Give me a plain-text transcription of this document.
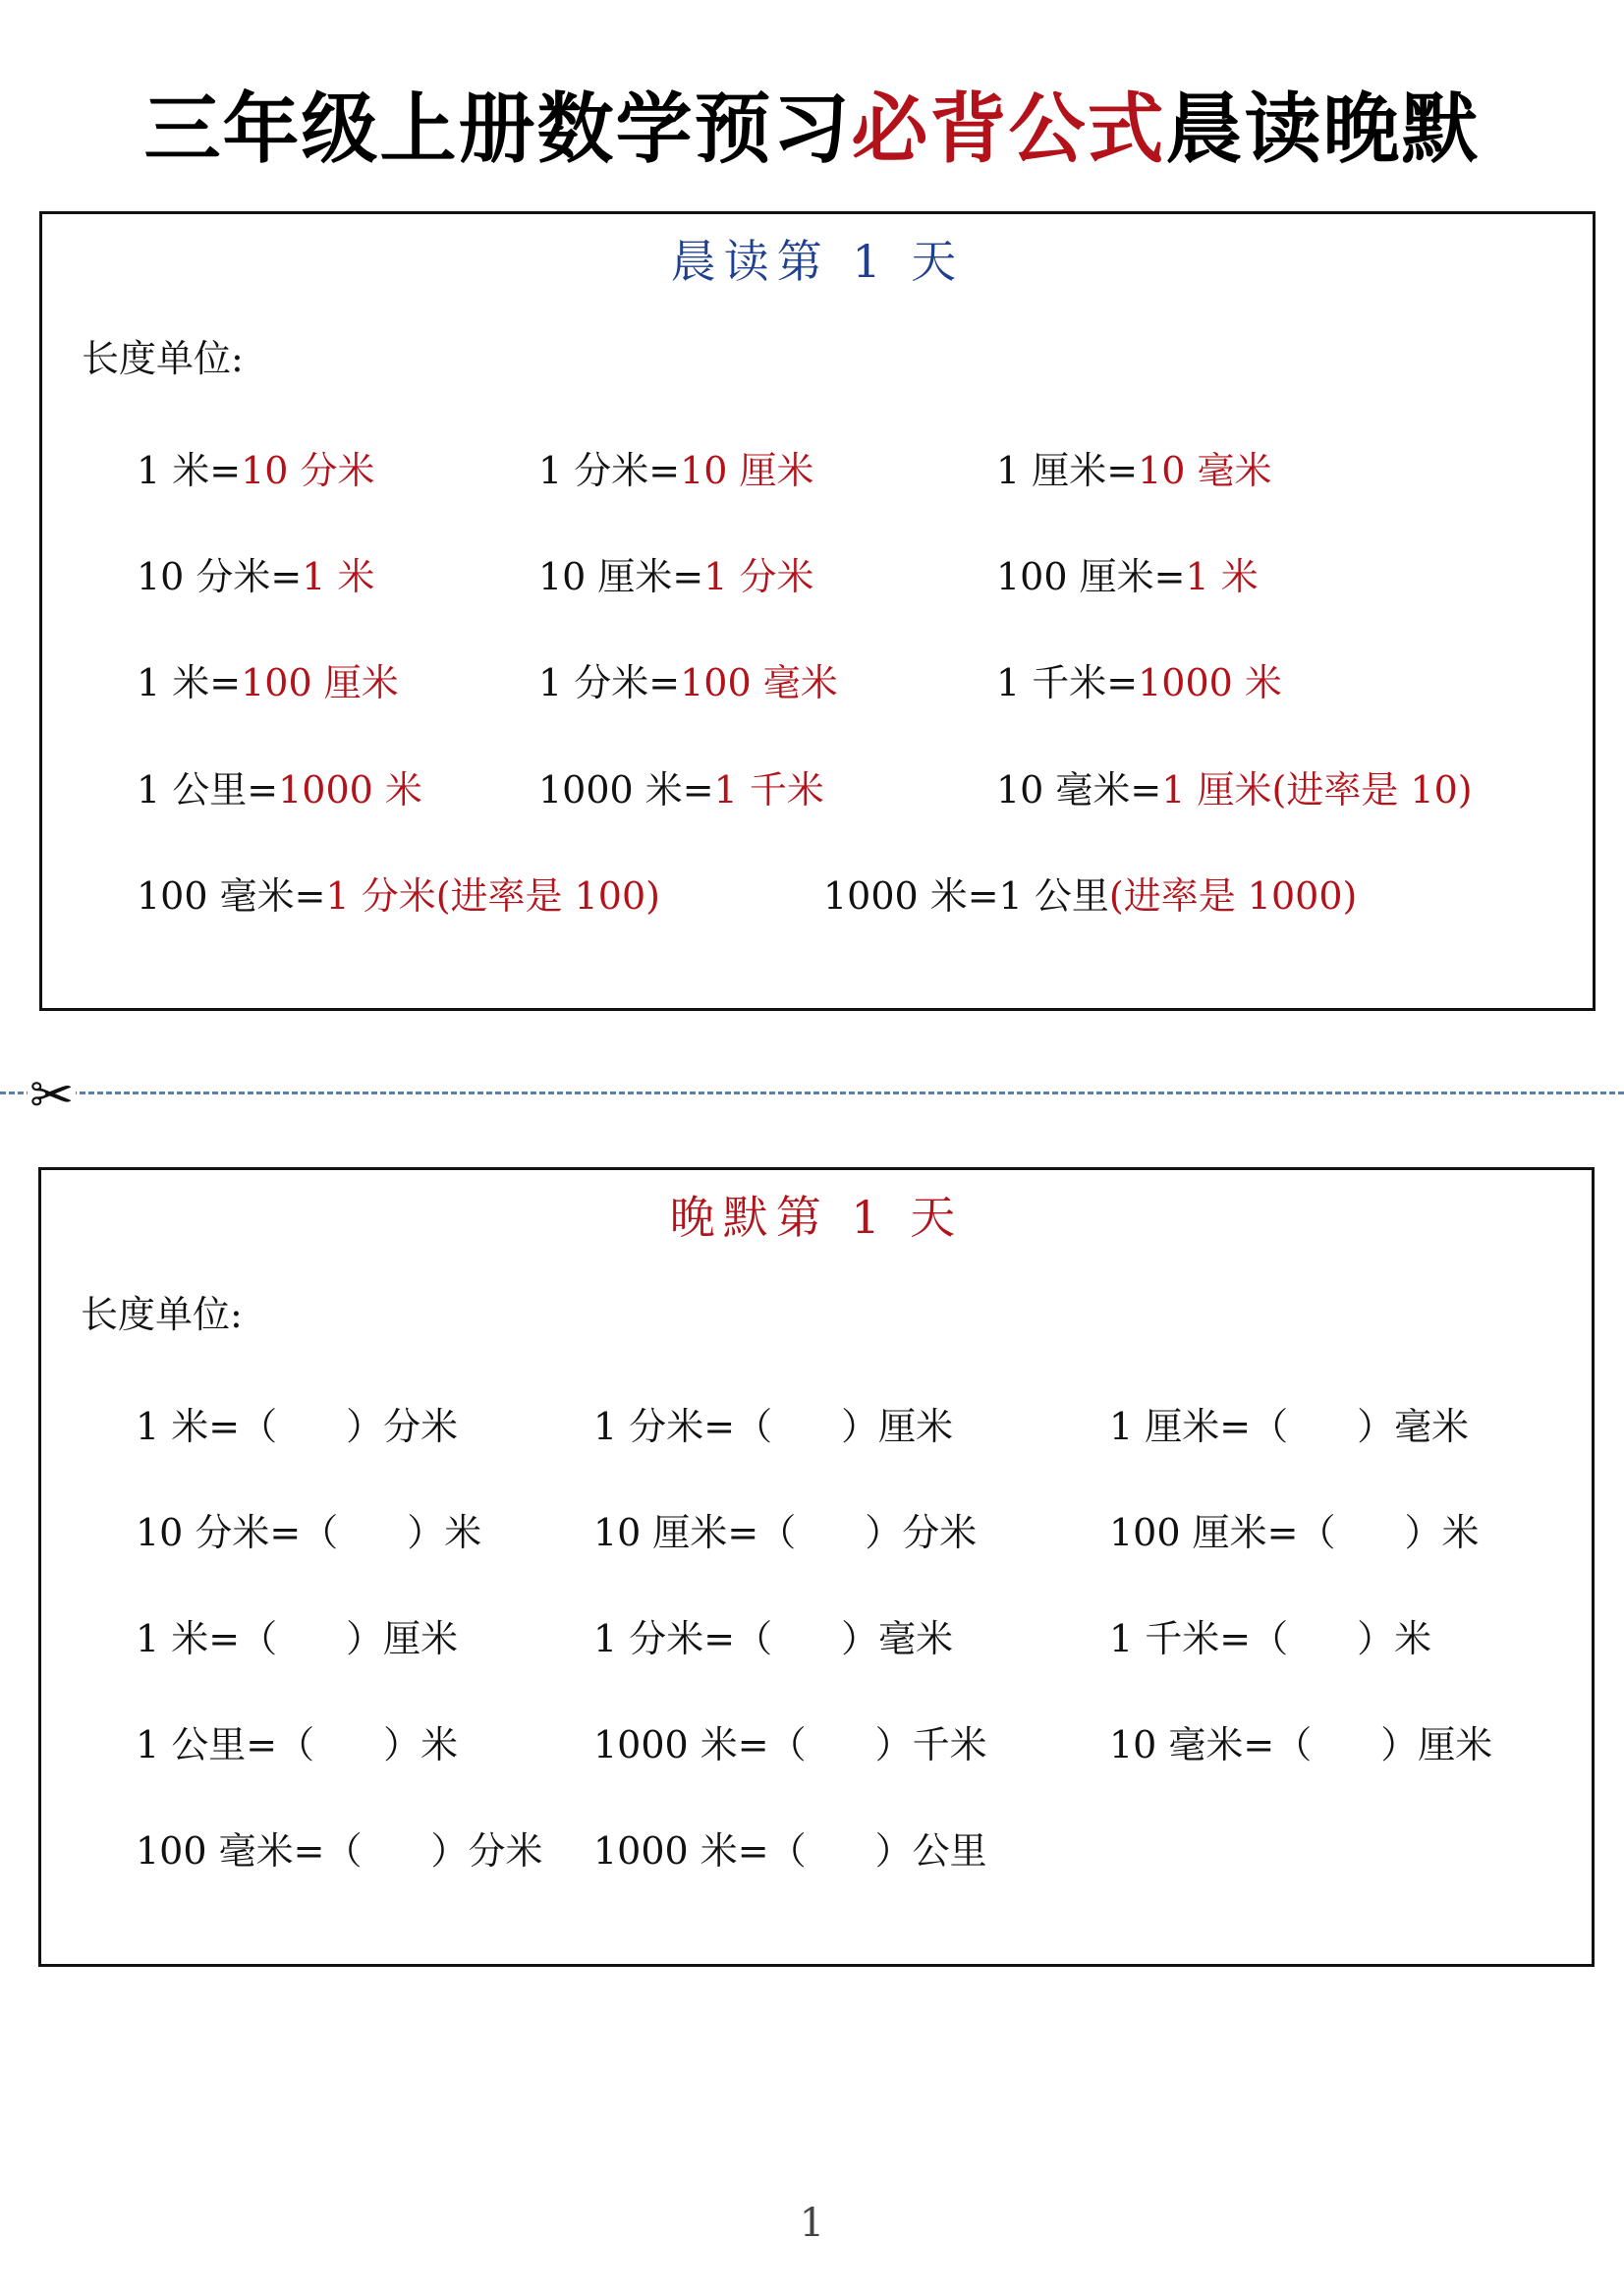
三年级上册数学预习必背公式晨读晚默
晨读第 1 天
长度单位:
1 米=10 分米	1 分米=10 厘米	1 厘米=10 毫米
10 分米=1 米	10 厘米=1 分米	100 厘米=1 米
1 米=100 厘米	1 分米=100 毫米	1 千米=1000 米
1 公里=1000 米	1000 米=1 千米	10 毫米=1 厘米(进率是 10)
100 毫米=1 分米(进率是 100)	1000 米=1 公里(进率是 1000)
✂
晚默第 1 天
长度单位:
1 米=（ ）分米	1 分米=（ ）厘米	1 厘米=（ ）毫米
10 分米=（ ）米	10 厘米=（ ）分米	100 厘米=（ ）米
1 米=（ ）厘米	1 分米=（ ）毫米	1 千米=（ ）米
1 公里=（ ）米	1000 米=（ ）千米	10 毫米=（ ）厘米
100 毫米=（ ）分米 1000 米=（ ）公里
1
